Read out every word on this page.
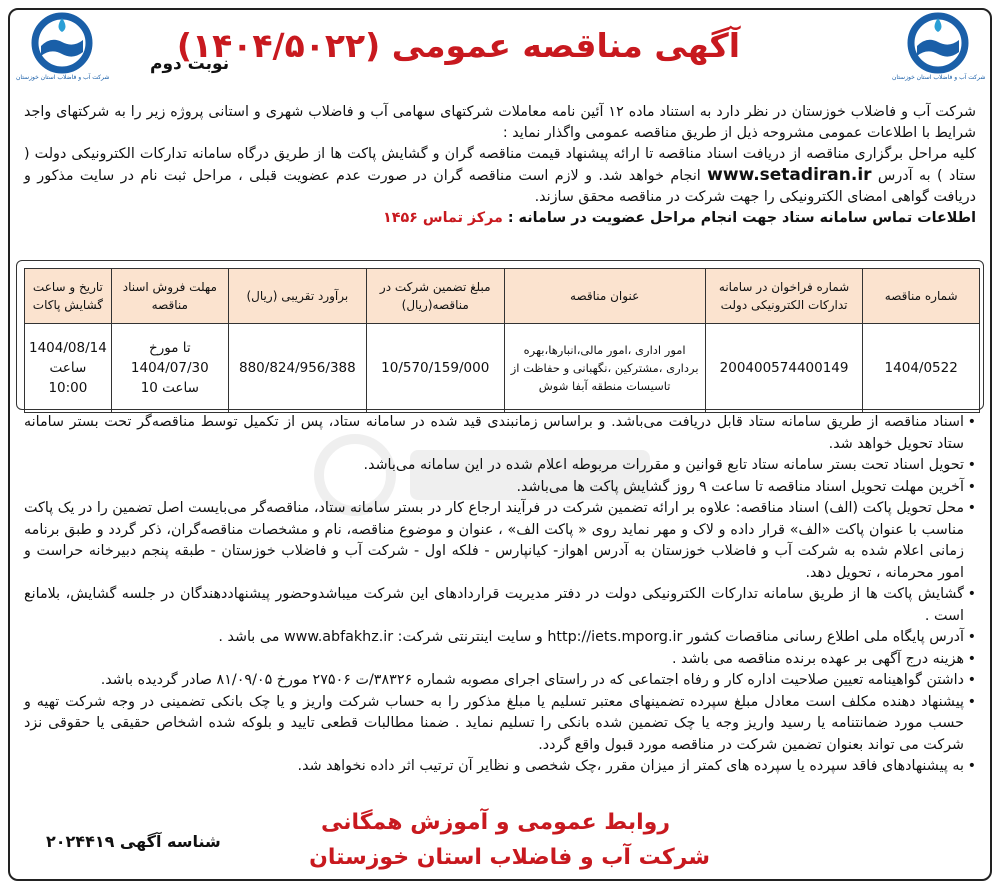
شرکت آب و فاضلاب استان خوزستان	شرکت آب و فاضلاب استان خوزستان
آگهی مناقصه عمومی (۱۴۰۴/۵۰۲۲)
نوبت دوم

شرکت آب و فاضلاب خوزستان در نظر دارد به استناد ماده ۱۲ آئین نامه معاملات شرکتهای سهامی آب و فاضلاب شهری و استانی پروژه زیر را به شرکتهای واجد شرایط با اطلاعات عمومی مشروحه ذیل از طریق مناقصه عمومی واگذار نماید :

کلیه مراحل برگزاری مناقصه از دریافت اسناد مناقصه تا ارائه پیشنهاد قیمت مناقصه گران و گشایش پاکت ها از طریق درگاه سامانه تدارکات الکترونیکی دولت ( ستاد ) به آدرس www.setadiran.ir انجام خواهد شد. و لازم است مناقصه گران در صورت عدم عضویت قبلی ، مراحل ثبت نام در سایت مذکور و دریافت گواهی امضای الکترونیکی را جهت شرکت در مناقصه محقق سازند.

اطلاعات تماس سامانه ستاد جهت انجام مراحل عضویت در سامانه : مرکز تماس ۱۴۵۶

شماره مناقصه	شماره فراخوان در سامانه تدارکات الکترونیکی دولت	عنوان مناقصه	مبلغ تضمین شرکت در مناقصه(ریال)	برآورد تقریبی (ریال)	مهلت فروش اسناد مناقصه	تاریخ و ساعت گشایش پاکات
1404/0522	200400574400149	امور اداری ،امور مالی،انبارها،بهره برداری ،مشترکین ،نگهبانی و حفاظت از تاسیسات منطقه آبفا شوش	10/570/159/000	880/824/956/388	تا مورخ 1404/07/30 ساعت 10	1404/08/14 ساعت 10:00
• اسناد مناقصه از طریق سامانه ستاد قابل دریافت می‌باشد. و براساس زمانبندی قید شده در سامانه ستاد، پس از تکمیل توسط مناقصه‌گر تحت بستر سامانه ستاد تحویل خواهد شد.
• تحویل اسناد تحت بستر سامانه ستاد تابع قوانین و مقررات مربوطه اعلام شده در این سامانه می‌باشد.
• آخرین مهلت تحویل اسناد مناقصه تا ساعت ۹ روز گشایش پاکت ها می‌باشد.
• محل تحویل پاکت (الف) اسناد مناقصه: علاوه بر ارائه تضمین شرکت در فرآیند ارجاع کار در بستر سامانه ستاد، مناقصه‌گر می‌بایست اصل تضمین را در یک پاکت مناسب با عنوان پاکت «الف» قرار داده و لاک و مهر نماید روی « پاکت الف» ، عنوان و موضوع مناقصه، نام و مشخصات مناقصه‌گران، ذکر گردد و طبق برنامه زمانی اعلام شده به شرکت آب و فاضلاب خوزستان به آدرس اهواز- کیانپارس - فلکه اول - شرکت آب و فاضلاب خوزستان - طبقه پنجم دبیرخانه حراست و امور محرمانه ، تحویل دهد.
• گشایش پاکت ها از طریق سامانه تدارکات الکترونیکی دولت در دفتر مدیریت قراردادهای این شرکت میباشدوحضور پیشنهاددهندگان در جلسه گشایش، بلامانع است .
• آدرس پایگاه ملی اطلاع رسانی مناقصات کشور http://iets.mporg.ir و سایت اینترنتی شرکت: www.abfakhz.ir می باشد .
• هزینه درج آگهی بر عهده برنده مناقصه می باشد .
• داشتن گواهینامه تعیین صلاحیت اداره کار و رفاه اجتماعی که در راستای اجرای مصوبه شماره ۳۸۳۲۶/ت ۲۷۵۰۶ مورخ ۸۱/۰۹/۰۵ صادر گردیده باشد.
• پیشنهاد دهنده مکلف است معادل مبلغ سپرده تضمینهای معتبر تسلیم یا مبلغ مذکور را به حساب شرکت واریز و یا چک بانکی تضمینی در وجه شرکت تهیه و حسب مورد ضمانتنامه یا رسید واریز وجه یا چک تضمین شده بانکی را تسلیم نماید . ضمنا مطالبات قطعی تایید و بلوکه شده اشخاص حقیقی یا حقوقی نزد شرکت می تواند بعنوان تضمین شرکت در مناقصه مورد قبول واقع گردد.
• به پیشنهادهای فاقد سپرده یا سپرده های کمتر از میزان مقرر ،چک شخصی و نظایر آن ترتیب اثر داده نخواهد شد.
روابط عمومی و آموزش همگانی
شرکت آب و فاضلاب استان خوزستان
شناسه آگهی ۲۰۲۴۴۱۹
